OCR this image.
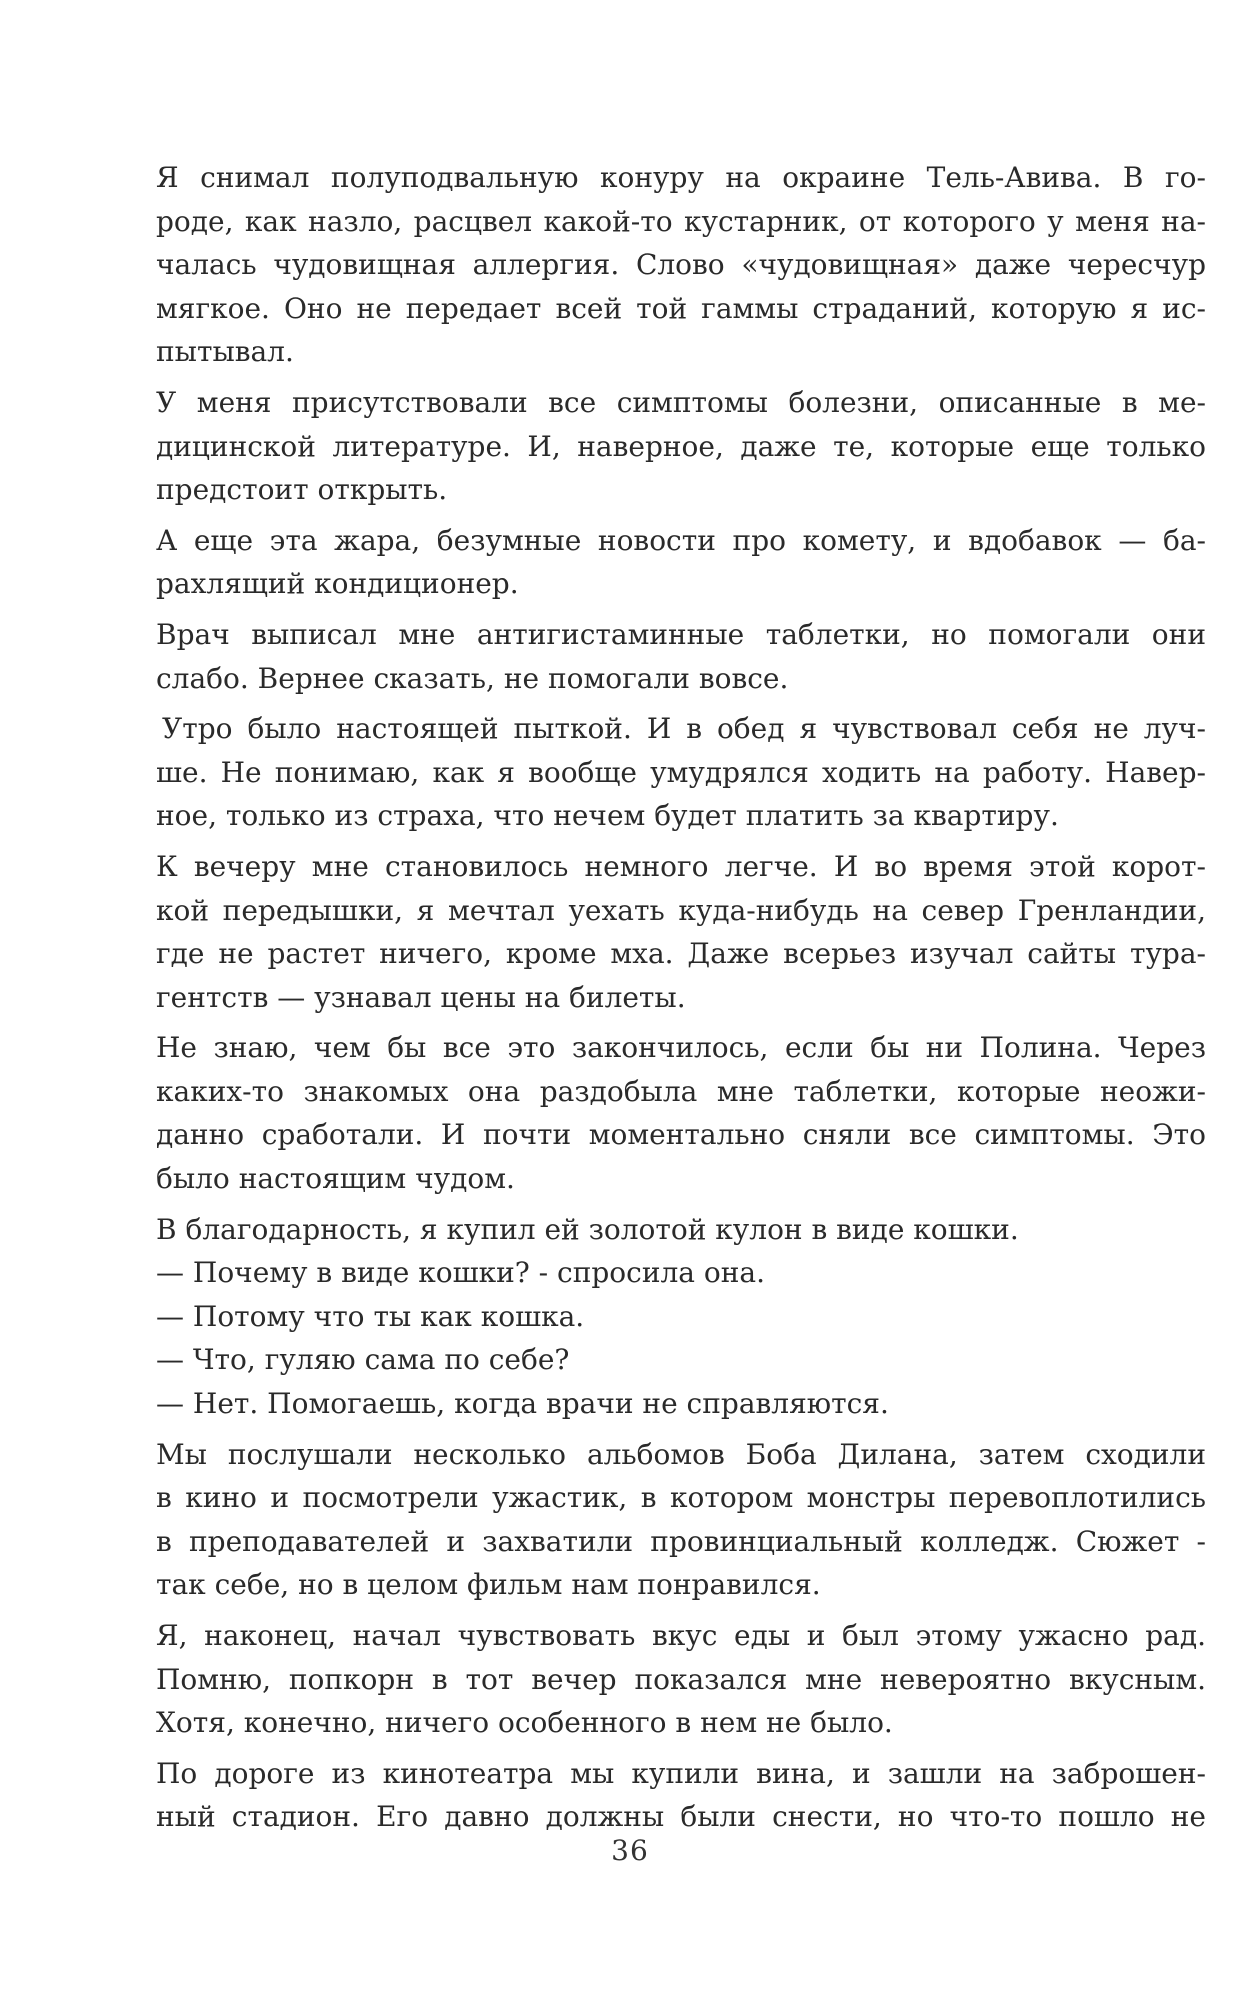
Я снимал полуподвальную конуру на окраине Тель-Авива. В го-
роде, как назло, расцвел какой-то кустарник, от которого у меня на-
чалась чудовищная аллергия. Слово «чудовищная» даже чересчур
мягкое. Оно не передает всей той гаммы страданий, которую я ис-
пытывал.
У меня присутствовали все симптомы болезни, описанные в ме-
дицинской литературе. И, наверное, даже те, которые еще только
предстоит открыть.
А еще эта жара, безумные новости про комету, и вдобавок — ба-
рахлящий кондиционер.
Врач выписал мне антигистаминные таблетки, но помогали они
слабо. Вернее сказать, не помогали вовсе.
Утро было настоящей пыткой. И в обед я чувствовал себя не луч-
ше. Не понимаю, как я вообще умудрялся ходить на работу. Навер-
ное, только из страха, что нечем будет платить за квартиру.
К вечеру мне становилось немного легче. И во время этой корот-
кой передышки, я мечтал уехать куда-нибудь на север Гренландии,
где не растет ничего, кроме мха. Даже всерьез изучал сайты тура-
гентств — узнавал цены на билеты.
Не знаю, чем бы все это закончилось, если бы ни Полина. Через
каких-то знакомых она раздобыла мне таблетки, которые неожи-
данно сработали. И почти моментально сняли все симптомы. Это
было настоящим чудом.
В благодарность, я купил ей золотой кулон в виде кошки.
— Почему в виде кошки? - спросила она.
— Потому что ты как кошка.
— Что, гуляю сама по себе?
— Нет. Помогаешь, когда врачи не справляются.
Мы послушали несколько альбомов Боба Дилана, затем сходили
в кино и посмотрели ужастик, в котором монстры перевоплотились
в преподавателей и захватили провинциальный колледж. Сюжет -
так себе, но в целом фильм нам понравился.
Я, наконец, начал чувствовать вкус еды и был этому ужасно рад.
Помню, попкорн в тот вечер показался мне невероятно вкусным.
Хотя, конечно, ничего особенного в нем не было.
По дороге из кинотеатра мы купили вина, и зашли на заброшен-
ный стадион. Его давно должны были снести, но что-то пошло не
36
